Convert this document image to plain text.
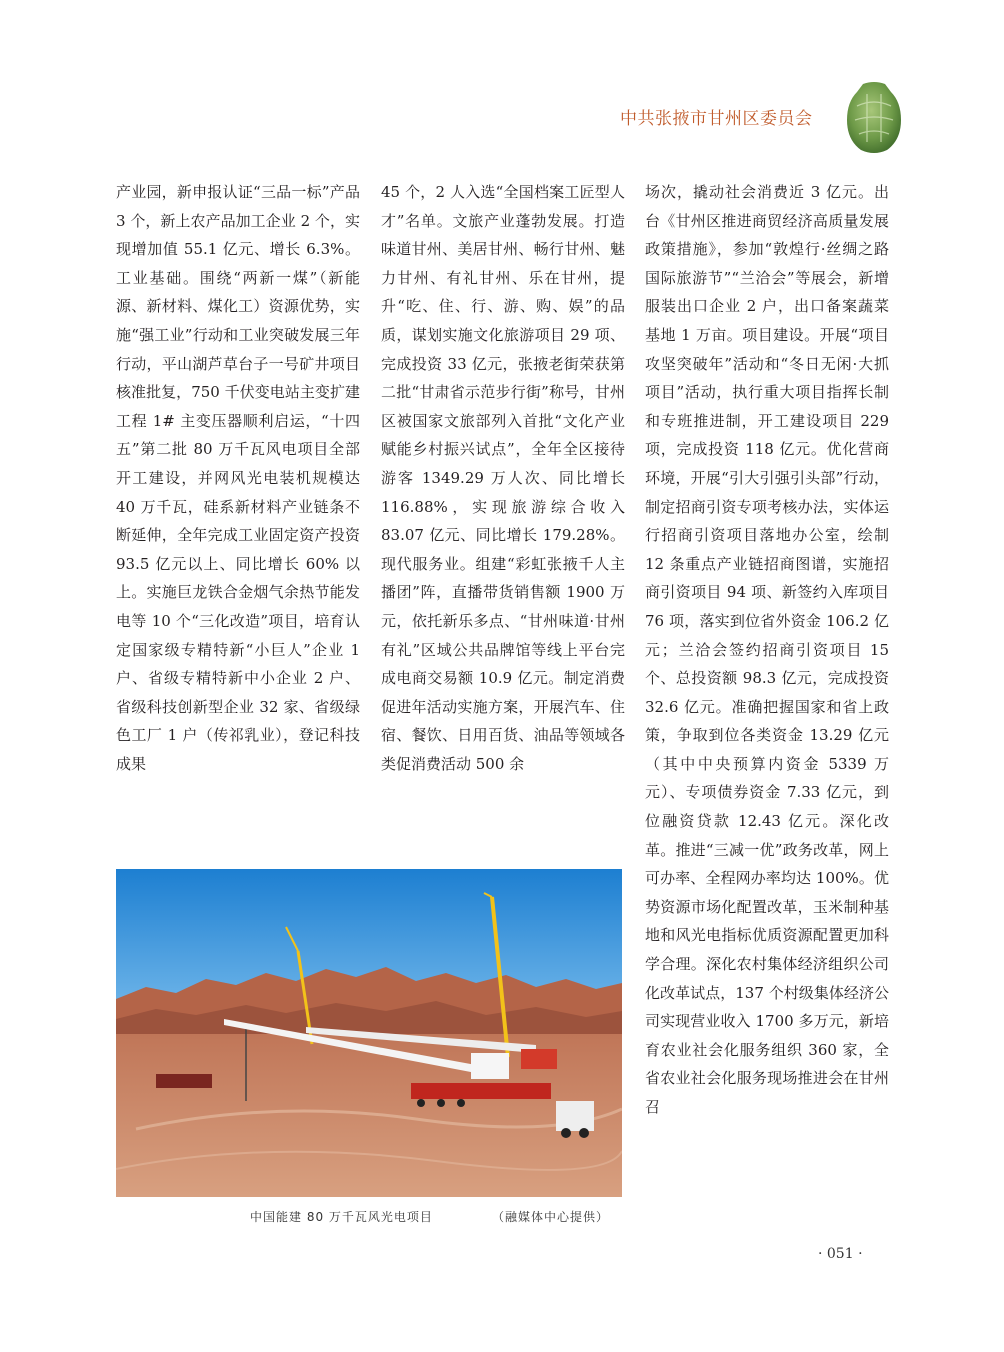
中共张掖市甘州区委员会

产业园，新申报认证“三品一标”产品 3 个，新上农产品加工企业 2 个，实现增加值 55.1 亿元、增长 6.3%。工业基础。围绕“两新一煤”（新能源、新材料、煤化工）资源优势，实施“强工业”行动和工业突破发展三年行动，平山湖芦草台子一号矿井项目核准批复，750 千伏变电站主变扩建工程 1# 主变压器顺利启运，“十四五”第二批 80 万千瓦风电项目全部开工建设，并网风光电装机规模达 40 万千瓦，硅系新材料产业链条不断延伸，全年完成工业固定资产投资 93.5 亿元以上、同比增长 60% 以上。实施巨龙铁合金烟气余热节能发电等 10 个“三化改造”项目，培育认定国家级专精特新“小巨人”企业 1 户、省级专精特新中小企业 2 户、省级科技创新型企业 32 家、省级绿色工厂 1 户（传祁乳业），登记科技成果

45 个，2 人入选“全国档案工匠型人才”名单。文旅产业蓬勃发展。打造味道甘州、美居甘州、畅行甘州、魅力甘州、有礼甘州、乐在甘州，提升“吃、住、行、游、购、娱”的品质，谋划实施文化旅游项目 29 项、完成投资 33 亿元，张掖老街荣获第二批“甘肃省示范步行街”称号，甘州区被国家文旅部列入首批“文化产业赋能乡村振兴试点”，全年全区接待游客 1349.29 万人次、同比增长 116.88%，实现旅游综合收入 83.07 亿元、同比增长 179.28%。现代服务业。组建“彩虹张掖千人主播团”阵，直播带货销售额 1900 万元，依托新乐多点、“甘州味道·甘州有礼”区域公共品牌馆等线上平台完成电商交易额 10.9 亿元。制定消费促进年活动实施方案，开展汽车、住宿、餐饮、日用百货、油品等领域各类促消费活动 500 余

场次，撬动社会消费近 3 亿元。出台《甘州区推进商贸经济高质量发展政策措施》，参加“敦煌行·丝绸之路国际旅游节”“兰洽会”等展会，新增服装出口企业 2 户，出口备案蔬菜基地 1 万亩。项目建设。开展“项目攻坚突破年”活动和“冬日无闲·大抓项目”活动，执行重大项目指挥长制和专班推进制，开工建设项目 229 项，完成投资 118 亿元。优化营商环境，开展“引大引强引头部”行动，制定招商引资专项考核办法，实体运行招商引资项目落地办公室，绘制 12 条重点产业链招商图谱，实施招商引资项目 94 项、新签约入库项目 76 项，落实到位省外资金 106.2 亿元；兰洽会签约招商引资项目 15 个、总投资额 98.3 亿元，完成投资 32.6 亿元。准确把握国家和省上政策，争取到位各类资金 13.29 亿元（其中中央预算内资金 5339 万元）、专项债券资金 7.33 亿元，到位融资贷款 12.43 亿元。深化改革。推进“三减一优”政务改革，网上可办率、全程网办率均达 100%。优势资源市场化配置改革，玉米制种基地和风光电指标优质资源配置更加科学合理。深化农村集体经济组织公司化改革试点，137 个村级集体经济公司实现营业收入 1700 多万元，新培育农业社会化服务组织 360 家，全省农业社会化服务现场推进会在甘州召

中国能建 80 万千瓦风光电项目	（融媒体中心提供）
· 051 ·
